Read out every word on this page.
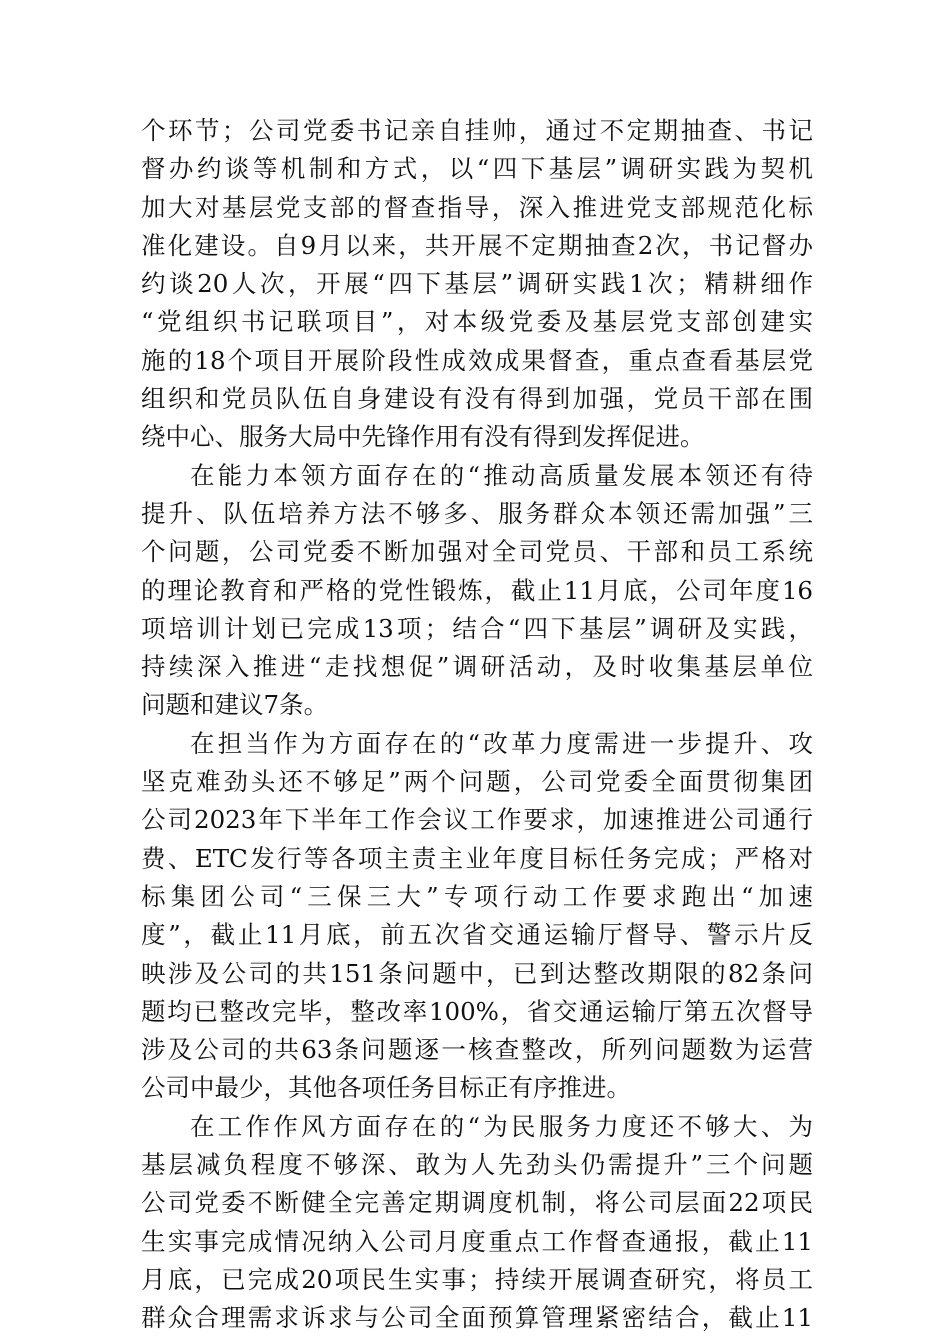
个环节；公司党委书记亲自挂帅，通过不定期抽查、书记
督办约谈等机制和方式，以“四下基层”调研实践为契机
加大对基层党支部的督查指导，深入推进党支部规范化标
准化建设。自9月以来，共开展不定期抽查2次，书记督办
约谈20人次，开展“四下基层”调研实践1次；精耕细作
“党组织书记联项目”，对本级党委及基层党支部创建实
施的18个项目开展阶段性成效成果督查，重点查看基层党
组织和党员队伍自身建设有没有得到加强，党员干部在围
绕中心、服务大局中先锋作用有没有得到发挥促进。
在能力本领方面存在的“推动高质量发展本领还有待
提升、队伍培养方法不够多、服务群众本领还需加强”三
个问题，公司党委不断加强对全司党员、干部和员工系统
的理论教育和严格的党性锻炼，截止11月底，公司年度16
项培训计划已完成13项；结合“四下基层”调研及实践，
持续深入推进“走找想促”调研活动，及时收集基层单位
问题和建议7条。
在担当作为方面存在的“改革力度需进一步提升、攻
坚克难劲头还不够足”两个问题，公司党委全面贯彻集团
公司2023年下半年工作会议工作要求，加速推进公司通行
费、ETC发行等各项主责主业年度目标任务完成；严格对
标集团公司“三保三大”专项行动工作要求跑出“加速
度”，截止11月底，前五次省交通运输厅督导、警示片反
映涉及公司的共151条问题中，已到达整改期限的82条问
题均已整改完毕，整改率100%，省交通运输厅第五次督导
涉及公司的共63条问题逐一核查整改，所列问题数为运营
公司中最少，其他各项任务目标正有序推进。
在工作作风方面存在的“为民服务力度还不够大、为
基层减负程度不够深、敢为人先劲头仍需提升”三个问题
公司党委不断健全完善定期调度机制，将公司层面22项民
生实事完成情况纳入公司月度重点工作督查通报，截止11
月底，已完成20项民生实事；持续开展调查研究，将员工
群众合理需求诉求与公司全面预算管理紧密结合，截止11
